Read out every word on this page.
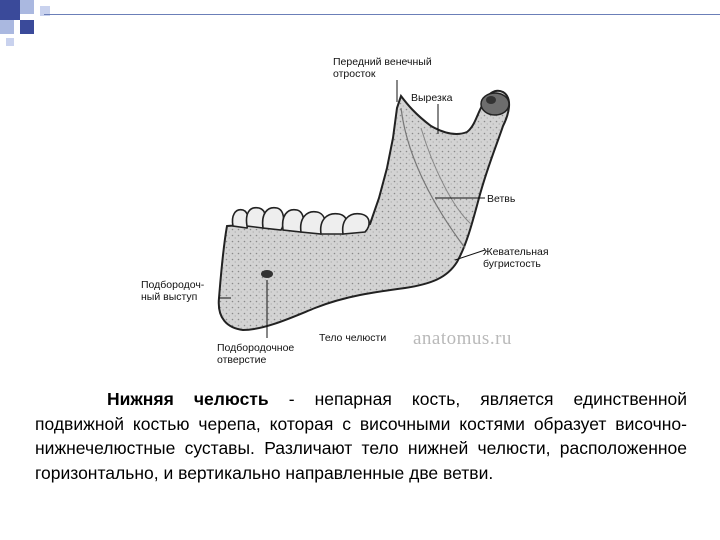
Передний венечный
отросток
Вырезка
Ветвь
Жевательная
бугристость
Подбородоч-
ный выступ
Тело челюсти
Подбородочное
отверстие
anatomus.ru
Нижняя челюсть - непарная кость, является единственной подвижной костью черепа, которая с височными костями образует височно-нижнечелюстные суставы. Различают тело нижней челюсти, расположенное горизонтально, и вертикально направленные две ветви.
